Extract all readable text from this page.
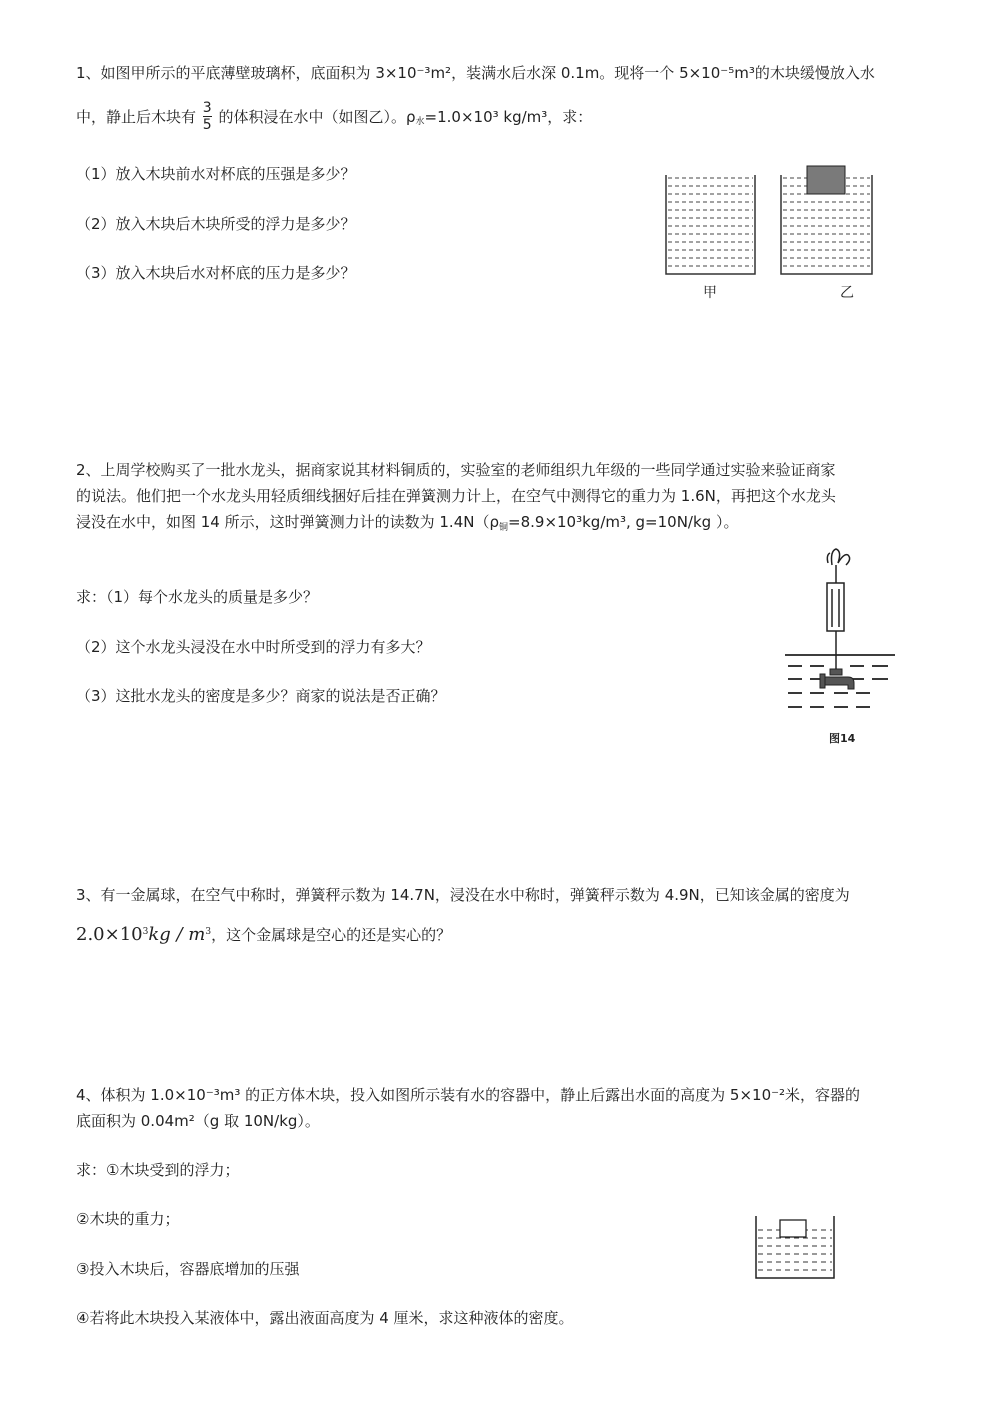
1、如图甲所示的平底薄壁玻璃杯，底面积为 3×10⁻³m²，装满水后水深 0.1m。现将一个 5×10⁻⁵m³的木块缓慢放入水
中，静止后木块有 $\frac{3}{5}$ 的体积浸在水中（如图乙）。$\rho_水=1.0\times 10^3$ kg/m³，求：
（1）放入木块前水对杯底的压强是多少？
（2）放入木块后木块所受的浮力是多少？
（3）放入木块后水对杯底的压力是多少？
甲	乙
2、上周学校购买了一批水龙头，据商家说其材料铜质的，实验室的老师组织九年级的一些同学通过实验来验证商家
的说法。他们把一个水龙头用轻质细线捆好后挂在弹簧测力计上，在空气中测得它的重力为 1.6N，再把这个水龙头
浸没在水中，如图 14 所示，这时弹簧测力计的读数为 $1.4N(\rho_铜=8.9\times 10^3kg/m^3$, g=10N/kg ）。
求：（1）每个水龙头的质量是多少？
（2）这个水龙头浸没在水中时所受到的浮力有多大？
（3）这批水龙头的密度是多少？商家的说法是否正确？
图14
3、有一金属球，在空气中称时，弹簧秤示数为 14.7N，浸没在水中称时，弹簧秤示数为 4.9N，已知该金属的密度为
$2.0\times 10^3kg / m^3$，这个金属球是空心的还是实心的？
4、体积为 1.0×10⁻³m³ 的正方体木块，投入如图所示装有水的容器中，静止后露出水面的高度为 5×10⁻²米，容器的
底面积为 0.04m²（g 取 10N/kg）。
求：①木块受到的浮力；
②木块的重力；
③投入木块后，容器底增加的压强
④若将此木块投入某液体中，露出液面高度为 4 厘米，求这种液体的密度。
